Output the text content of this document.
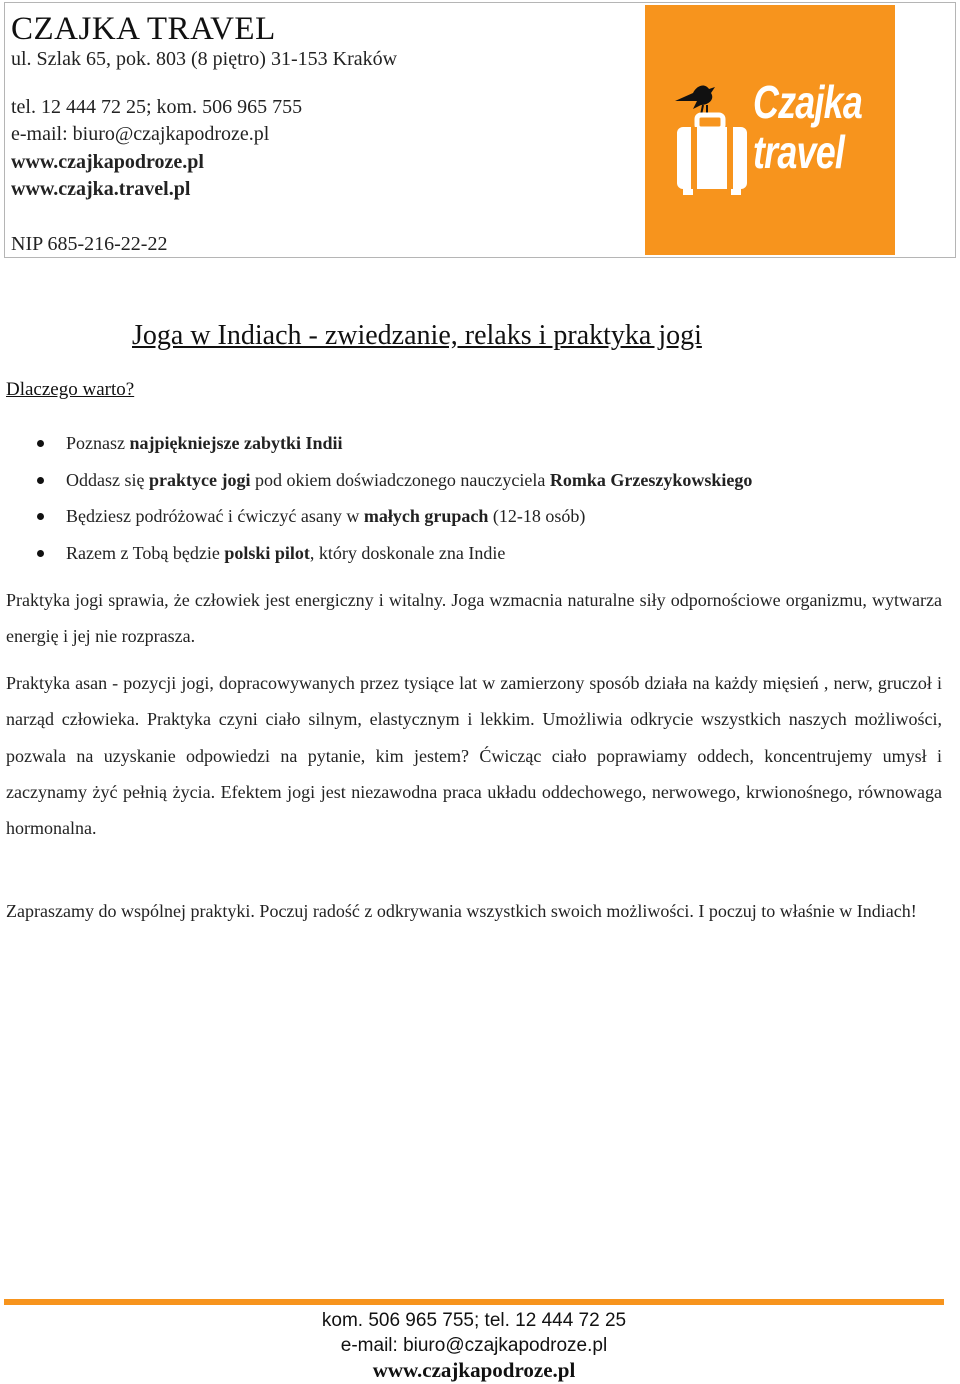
CZAJKA TRAVEL
ul. Szlak 65, pok. 803 (8 piętro) 31-153 Kraków
tel. 12 444 72 25; kom. 506 965 755
e-mail: biuro@czajkapodroze.pl
www.czajkapodroze.pl
www.czajka.travel.pl
NIP 685-216-22-22
Czajka
travel
Joga w Indiach - zwiedzanie, relaks i praktyka jogi
Dlaczego warto?
Poznasz najpiękniejsze zabytki Indii
Oddasz się praktyce jogi pod okiem doświadczonego nauczyciela Romka Grzeszykowskiego
Będziesz podróżować i ćwiczyć asany w małych grupach (12-18 osób)
Razem z Tobą będzie polski pilot, który doskonale zna Indie

Praktyka jogi sprawia, że człowiek jest energiczny i witalny. Joga wzmacnia naturalne siły odpornościowe organizmu, wytwarza energię i jej nie rozprasza.

Praktyka asan - pozycji jogi, dopracowywanych przez tysiące lat w zamierzony sposób działa na każdy mięsień , nerw, gruczoł i narząd człowieka. Praktyka czyni ciało silnym, elastycznym i lekkim. Umożliwia odkrycie wszystkich naszych możliwości, pozwala na uzyskanie odpowiedzi na pytanie, kim jestem? Ćwicząc ciało poprawiamy oddech, koncentrujemy umysł i zaczynamy żyć pełnią życia. Efektem jogi jest niezawodna praca układu oddechowego, nerwowego, krwionośnego, równowaga hormonalna.

Zapraszamy do wspólnej praktyki. Poczuj radość z odkrywania wszystkich swoich możliwości. I poczuj to właśnie w Indiach!

kom. 506 965 755; tel. 12 444 72 25
e-mail: biuro@czajkapodroze.pl
www.czajkapodroze.pl
